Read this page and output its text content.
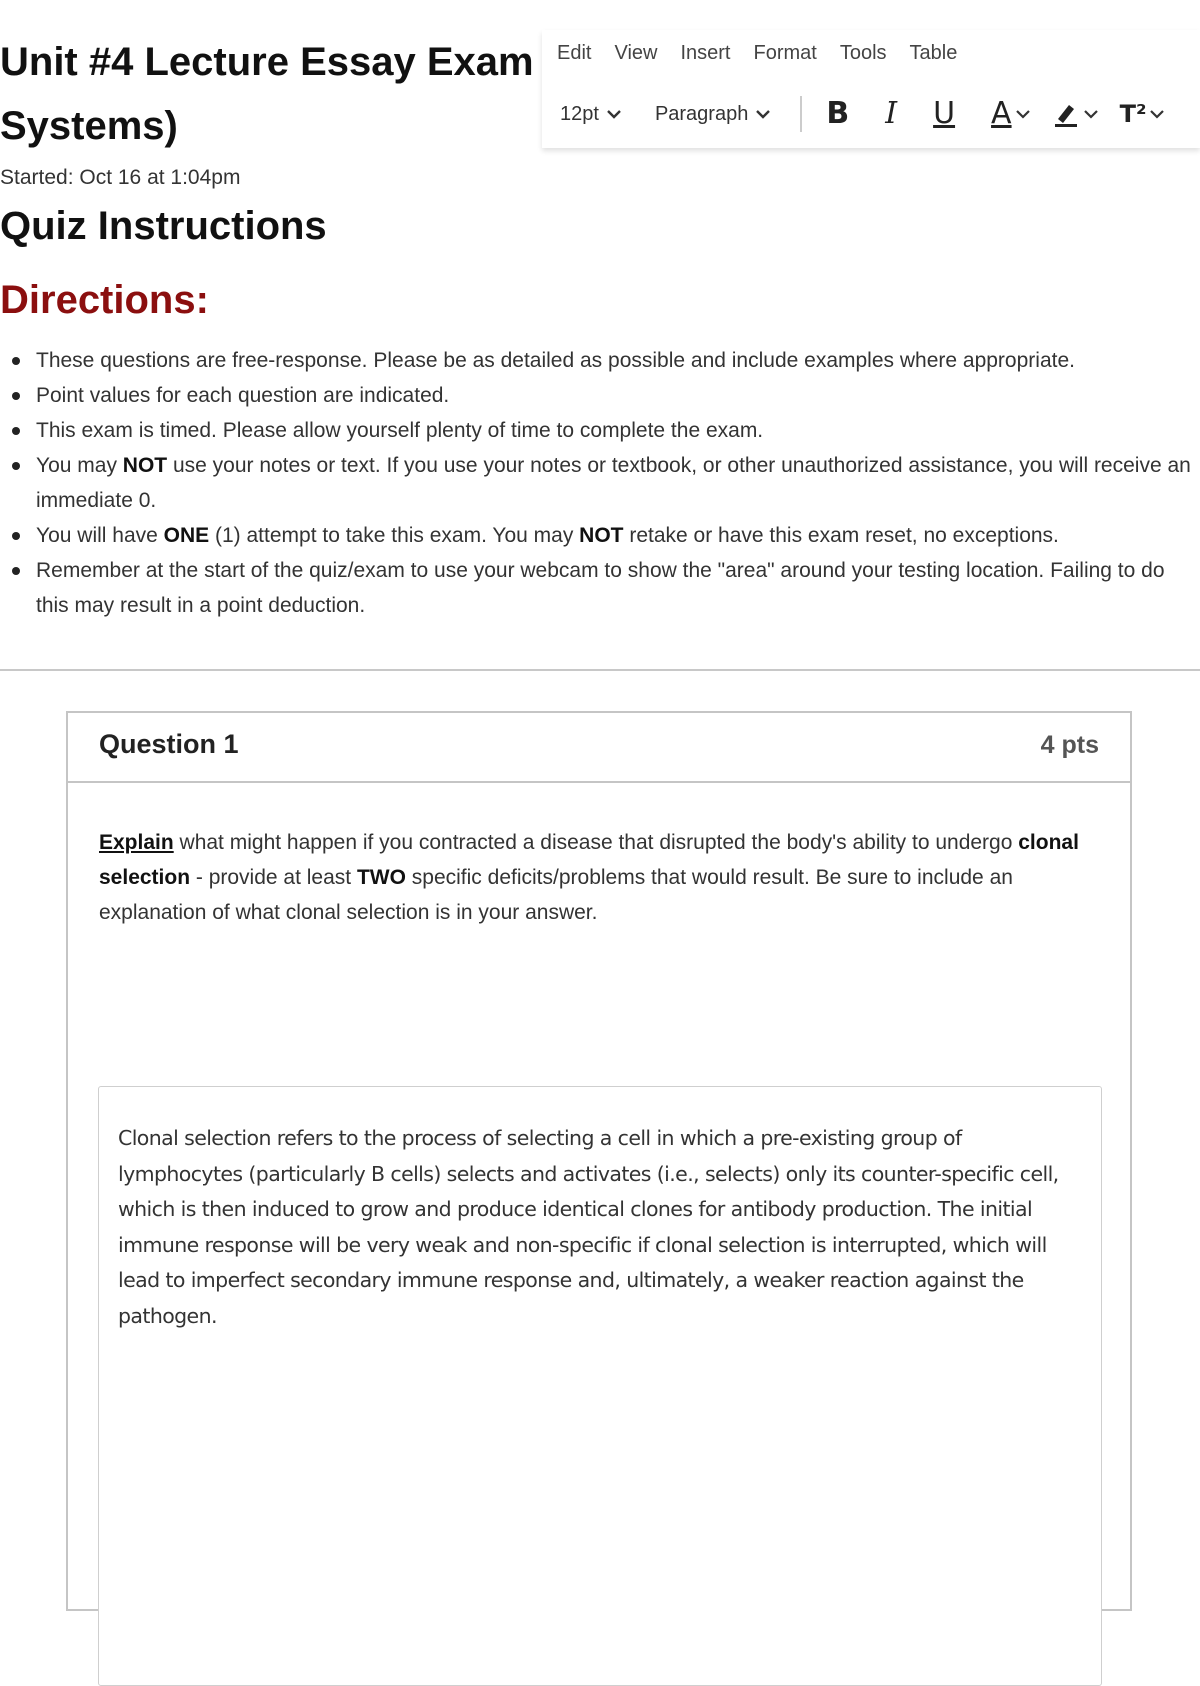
Unit #4 Lecture Essay Exam
Systems)
Edit View Insert Format Tools Table
12pt	Paragraph	B I U A	T²
Started: Oct 16 at 1:04pm
Quiz Instructions
Directions:
These questions are free-response. Please be as detailed as possible and include examples where appropriate.
Point values for each question are indicated.
This exam is timed. Please allow yourself plenty of time to complete the exam.
You may NOT use your notes or text. If you use your notes or textbook, or other unauthorized assistance, you will receive an immediate 0.
You will have ONE (1) attempt to take this exam. You may NOT retake or have this exam reset, no exceptions.
Remember at the start of the quiz/exam to use your webcam to show the "area" around your testing location. Failing to do this may result in a point deduction.
Question 1	4 pts
Explain what might happen if you contracted a disease that disrupted the body's ability to undergo clonal selection - provide at least TWO specific deficits/problems that would result. Be sure to include an explanation of what clonal selection is in your answer.
Clonal selection refers to the process of selecting a cell in which a pre-existing group of lymphocytes (particularly B cells) selects and activates (i.e., selects) only its counter-specific cell, which is then induced to grow and produce identical clones for antibody production. The initial immune response will be very weak and non-specific if clonal selection is interrupted, which will lead to imperfect secondary immune response and, ultimately, a weaker reaction against the pathogen.
